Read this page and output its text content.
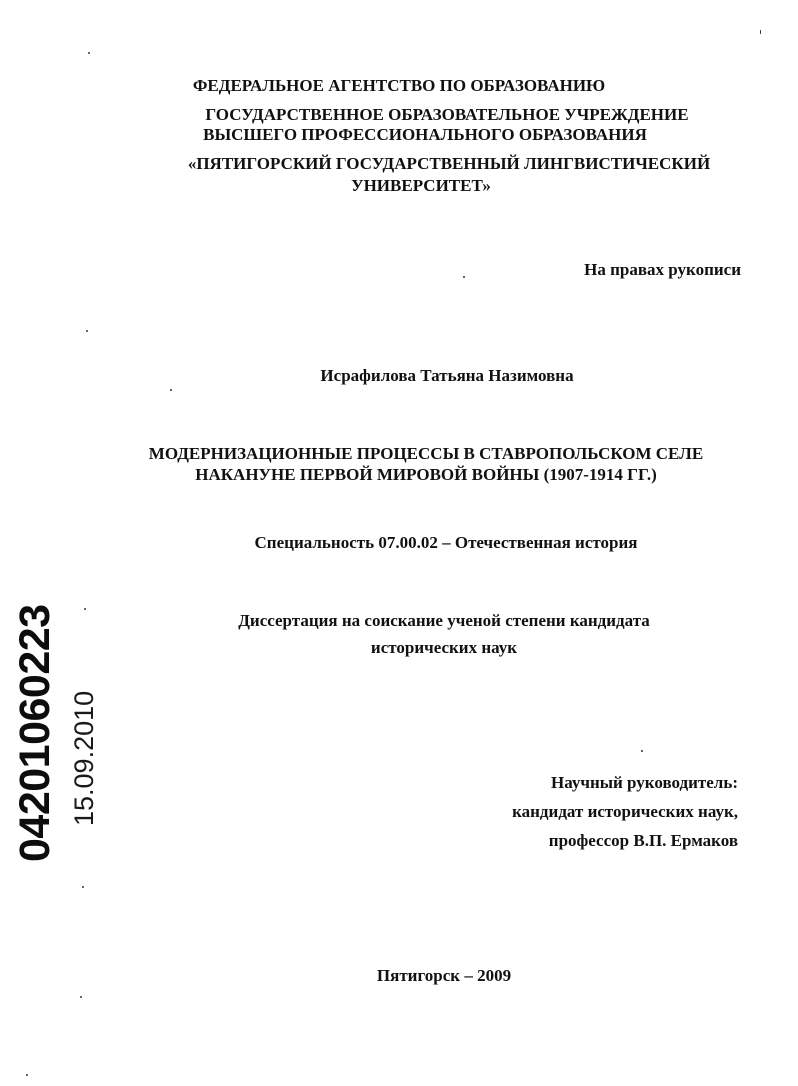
ФЕДЕРАЛЬНОЕ АГЕНТСТВО ПО ОБРАЗОВАНИЮ
ГОСУДАРСТВЕННОЕ ОБРАЗОВАТЕЛЬНОЕ УЧРЕЖДЕНИЕ
ВЫСШЕГО ПРОФЕССИОНАЛЬНОГО ОБРАЗОВАНИЯ
«ПЯТИГОРСКИЙ ГОСУДАРСТВЕННЫЙ ЛИНГВИСТИЧЕСКИЙ
УНИВЕРСИТЕТ»
На правах рукописи
Исрафилова Татьяна Назимовна
МОДЕРНИЗАЦИОННЫЕ ПРОЦЕССЫ В СТАВРОПОЛЬСКОМ СЕЛЕ
НАКАНУНЕ ПЕРВОЙ МИРОВОЙ ВОЙНЫ (1907-1914 ГГ.)
Специальность 07.00.02 – Отечественная история
Диссертация на соискание ученой степени кандидата
исторических наук
Научный руководитель:
кандидат исторических наук,
профессор В.П. Ермаков
Пятигорск – 2009
04201060223 15.09.2010
